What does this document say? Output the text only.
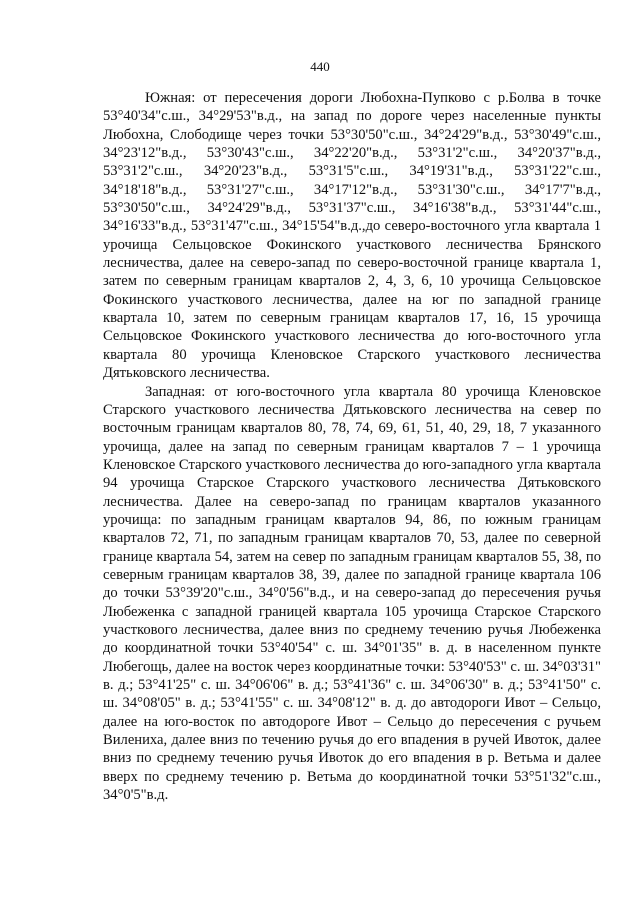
440

Южная: от пересечения дороги Любохна-Пупково с р.Болва в точке 53°40'34"с.ш., 34°29'53"в.д., на запад по дороге через населенные пункты Любохна, Слободище через точки 53°30'50"с.ш., 34°24'29"в.д., 53°30'49"с.ш., 34°23'12"в.д., 53°30'43"с.ш., 34°22'20"в.д., 53°31'2"с.ш., 34°20'37"в.д., 53°31'2"с.ш., 34°20'23"в.д., 53°31'5"с.ш., 34°19'31"в.д., 53°31'22"с.ш., 34°18'18"в.д., 53°31'27"с.ш., 34°17'12"в.д., 53°31'30"с.ш., 34°17'7"в.д., 53°30'50"с.ш., 34°24'29"в.д., 53°31'37"с.ш., 34°16'38"в.д., 53°31'44"с.ш., 34°16'33"в.д., 53°31'47"с.ш., 34°15'54"в.д.,до северо-восточного угла квартала 1 урочища Сельцовское Фокинского участкового лесничества Брянского лесничества, далее на северо-запад по северо-восточной границе квартала 1, затем по северным границам кварталов 2, 4, 3, 6, 10 урочища Сельцовское Фокинского участкового лесничества, далее на юг по западной границе квартала 10, затем по северным границам кварталов 17, 16, 15 урочища Сельцовское Фокинского участкового лесничества до юго-восточного угла квартала 80 урочища Кленовское Старского участкового лесничества Дятьковского лесничества.

Западная: от юго-восточного угла квартала 80 урочища Кленовское Старского участкового лесничества Дятьковского лесничества на север по восточным границам кварталов 80, 78, 74, 69, 61, 51, 40, 29, 18, 7 указанного урочища, далее на запад по северным границам кварталов 7 – 1 урочища Кленовское Старского участкового лесничества до юго-западного угла квартала 94 урочища Старское Старского участкового лесничества Дятьковского лесничества. Далее на северо-запад по границам кварталов указанного урочища: по западным границам кварталов 94, 86, по южным границам кварталов 72, 71, по западным границам кварталов 70, 53, далее по северной границе квартала 54, затем на север по западным границам кварталов 55, 38, по северным границам кварталов 38, 39, далее по западной границе квартала 106 до точки 53°39'20"с.ш., 34°0'56"в.д., и на северо-запад до пересечения ручья Любеженка с западной границей квартала 105 урочища Старское Старского участкового лесничества, далее вниз по среднему течению ручья Любеженка до координатной точки 53°40'54" с. ш. 34°01'35" в. д. в населенном пункте Любегощь, далее на восток через координатные точки: 53°40'53" с. ш. 34°03'31" в. д.; 53°41'25" с. ш. 34°06'06" в. д.; 53°41'36" с. ш. 34°06'30" в. д.; 53°41'50" с. ш. 34°08'05" в. д.; 53°41'55" с. ш. 34°08'12" в. д. до автодороги Ивот – Сельцо, далее на юго-восток по автодороге Ивот – Сельцо до пересечения с ручьем Вилениха, далее вниз по течению ручья до его впадения в ручей Ивоток, далее вниз по среднему течению ручья Ивоток до его впадения в р. Ветьма и далее вверх по среднему течению р. Ветьма до координатной точки 53°51'32"с.ш., 34°0'5"в.д.
